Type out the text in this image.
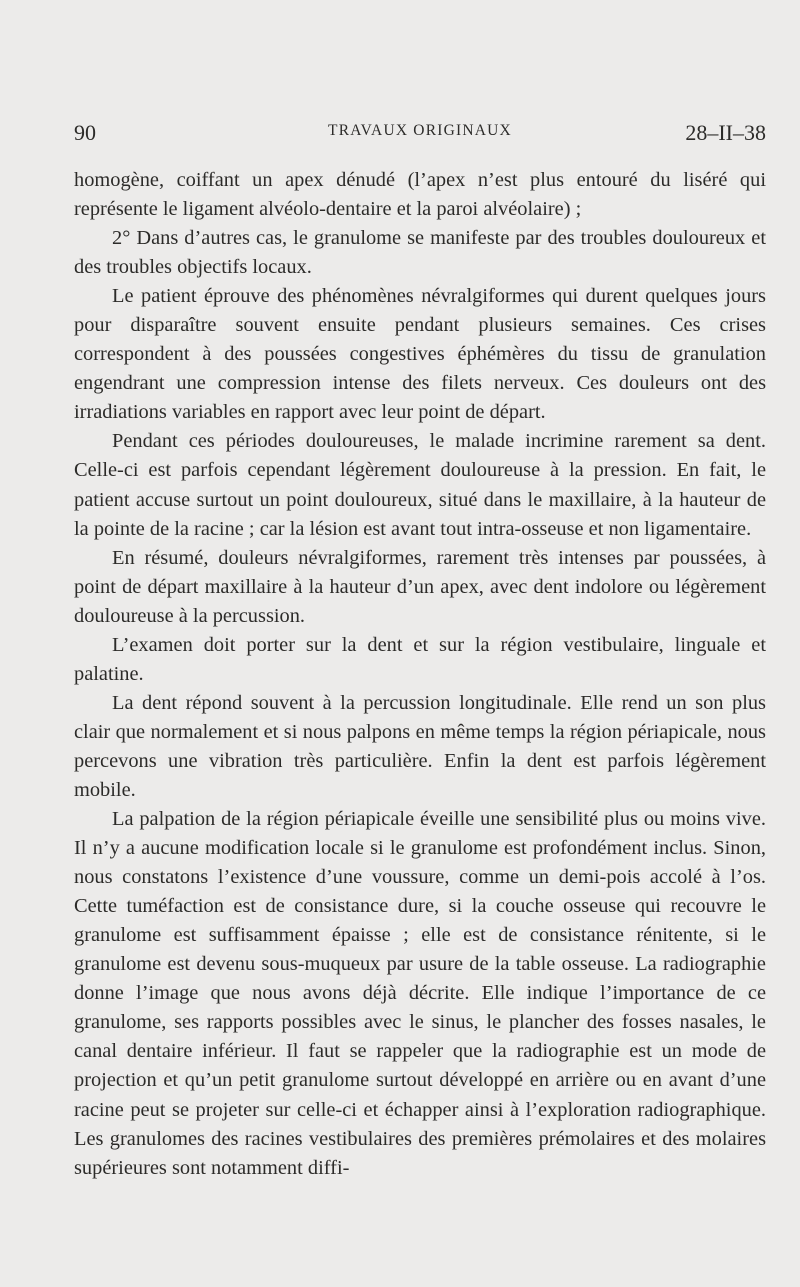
90	TRAVAUX ORIGINAUX	28–II–38

homogène, coiffant un apex dénudé (l’apex n’est plus entouré du liséré qui représente le ligament alvéolo-dentaire et la paroi alvéolaire) ;

2° Dans d’autres cas, le granulome se manifeste par des troubles douloureux et des troubles objectifs locaux.

Le patient éprouve des phénomènes névralgiformes qui durent quelques jours pour disparaître souvent ensuite pendant plusieurs semaines. Ces crises correspondent à des poussées congestives éphémères du tissu de granulation engendrant une compression intense des filets nerveux. Ces douleurs ont des irradiations variables en rapport avec leur point de départ.

Pendant ces périodes douloureuses, le malade incrimine rarement sa dent. Celle-ci est parfois cependant légèrement douloureuse à la pression. En fait, le patient accuse surtout un point douloureux, situé dans le maxillaire, à la hauteur de la pointe de la racine ; car la lésion est avant tout intra-osseuse et non ligamentaire.

En résumé, douleurs névralgiformes, rarement très intenses par poussées, à point de départ maxillaire à la hauteur d’un apex, avec dent indolore ou légèrement douloureuse à la percussion.

L’examen doit porter sur la dent et sur la région vestibulaire, linguale et palatine.

La dent répond souvent à la percussion longitudinale. Elle rend un son plus clair que normalement et si nous palpons en même temps la région périapicale, nous percevons une vibration très particulière. Enfin la dent est parfois légèrement mobile.

La palpation de la région périapicale éveille une sensibilité plus ou moins vive. Il n’y a aucune modification locale si le granulome est profondément inclus. Sinon, nous constatons l’existence d’une voussure, comme un demi-pois accolé à l’os. Cette tuméfaction est de consistance dure, si la couche osseuse qui recouvre le granulome est suffisamment épaisse ; elle est de consistance rénitente, si le granulome est devenu sous-muqueux par usure de la table osseuse. La radiographie donne l’image que nous avons déjà décrite. Elle indique l’importance de ce granulome, ses rapports possibles avec le sinus, le plancher des fosses nasales, le canal dentaire inférieur. Il faut se rappeler que la radiographie est un mode de projection et qu’un petit granulome surtout développé en arrière ou en avant d’une racine peut se projeter sur celle-ci et échapper ainsi à l’exploration radiographique. Les granulomes des racines vestibulaires des premières prémolaires et des molaires supérieures sont notamment diffi-
